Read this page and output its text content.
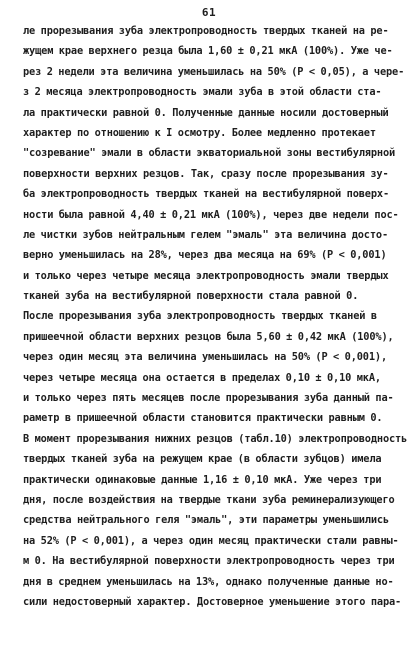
61
ле прорезывания зуба электропроводность твердых тканей на ре-
жущем крае верхнего резца была 1,60 ± 0,21 мкА (100%). Уже че-
рез 2 недели эта величина уменьшилась на 50% (P < 0,05), а чере-
з 2 месяца электропроводность эмали зуба в этой области ста-
ла практически равной 0. Полученные данные носили достоверный
характер по отношению к I осмотру. Более медленно протекает
"созревание" эмали в области экваториальной зоны вестибулярной
поверхности верхних резцов. Так, сразу после прорезывания зу-
ба электропроводность твердых тканей на вестибулярной поверх-
ности была равной 4,40 ± 0,21 мкА (100%), через две недели пос-
ле чистки зубов нейтральным гелем "эмаль" эта величина досто-
верно уменьшилась на 28%, через два месяца на 69% (P < 0,001)
и только через четыре месяца электропроводность эмали твердых
тканей зуба на вестибулярной поверхности стала равной 0.
После прорезывания зуба электропроводность твердых тканей в
пришеечной области верхних резцов была 5,60 ± 0,42 мкА (100%),
через один месяц эта величина уменьшилась на 50% (P < 0,001),
через четыре месяца она остается в пределах 0,10 ± 0,10 мкА,
и только через пять месяцев после прорезывания зуба данный па-
раметр в пришеечной области становится практически равным 0.
В момент прорезывания нижних резцов (табл.10) электропроводность
твердых тканей зуба на режущем крае (в области зубцов) имела
практически одинаковые данные 1,16 ± 0,10 мкА. Уже через три
дня, после воздействия на твердые ткани зуба реминерализующего
средства нейтрального геля "эмаль", эти параметры уменьшились
на 52% (P < 0,001), а через один месяц практически стали равны-
м 0. На вестибулярной поверхности электропроводность через три
дня в среднем уменьшилась на 13%, однако полученные данные но-
сили недостоверный характер. Достоверное уменьшение этого пара-
